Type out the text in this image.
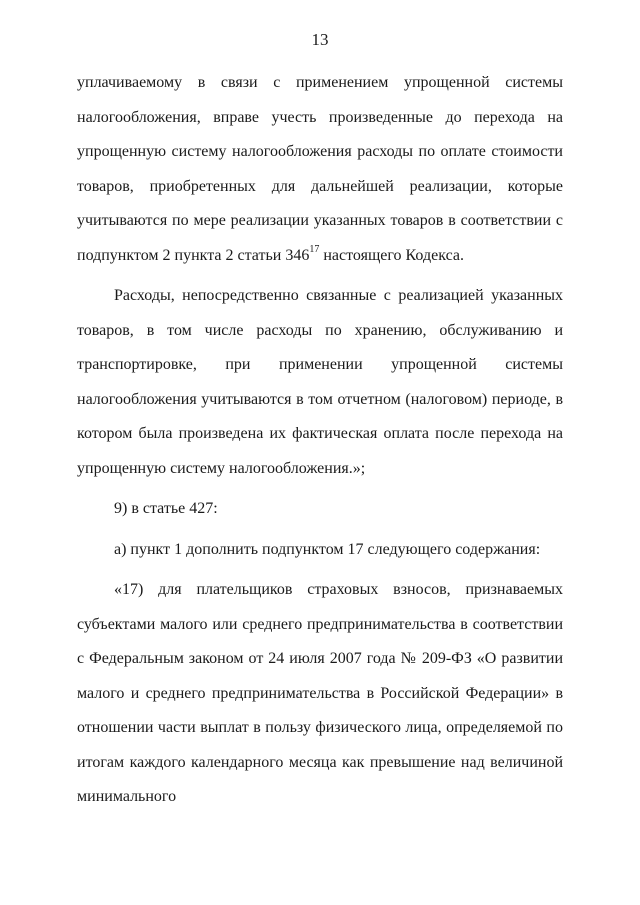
13

уплачиваемому в связи с применением упрощенной системы налогообложения, вправе учесть произведенные до перехода на упрощенную систему налогообложения расходы по оплате стоимости товаров, приобретенных для дальнейшей реализации, которые учитываются по мере реализации указанных товаров в соответствии с подпунктом 2 пункта 2 статьи $346^{17}$ настоящего Кодекса.

Расходы, непосредственно связанные с реализацией указанных товаров, в том числе расходы по хранению, обслуживанию и транспортировке, при применении упрощенной системы налогообложения учитываются в том отчетном (налоговом) периоде, в котором была произведена их фактическая оплата после перехода на упрощенную систему налогообложения.»;

9) в статье 427:

а) пункт 1 дополнить подпунктом 17 следующего содержания:

«17) для плательщиков страховых взносов, признаваемых субъектами малого или среднего предпринимательства в соответствии с Федеральным законом от 24 июля 2007 года № 209-ФЗ «О развитии малого и среднего предпринимательства в Российской Федерации» в отношении части выплат в пользу физического лица, определяемой по итогам каждого календарного месяца как превышение над величиной минимального
